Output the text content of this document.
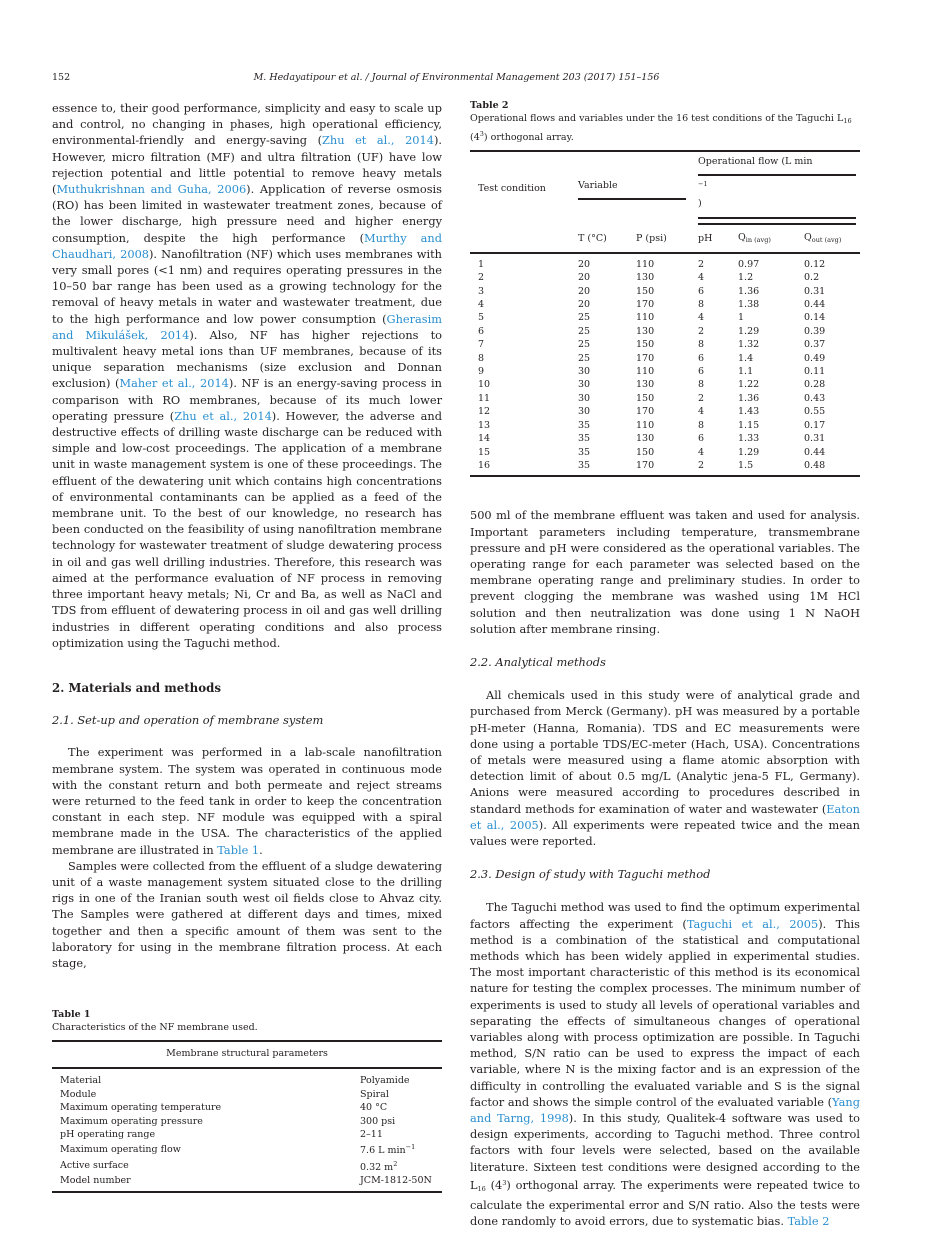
152	M. Hedayatipour et al. / Journal of Environmental Management 203 (2017) 151–156

essence to, their good performance, simplicity and easy to scale up and control, no changing in phases, high operational efficiency, environmental-friendly and energy-saving (Zhu et al., 2014). However, micro filtration (MF) and ultra filtration (UF) have low rejection potential and little potential to remove heavy metals (Muthukrishnan and Guha, 2006). Application of reverse osmosis (RO) has been limited in wastewater treatment zones, because of the lower discharge, high pressure need and higher energy consumption, despite the high performance (Murthy and Chaudhari, 2008). Nanofiltration (NF) which uses membranes with very small pores (<1 nm) and requires operating pressures in the 10–50 bar range has been used as a growing technology for the removal of heavy metals in water and wastewater treatment, due to the high performance and low power consumption (Gherasim and Mikulášek, 2014). Also, NF has higher rejections to multivalent heavy metal ions than UF membranes, because of its unique separation mechanisms (size exclusion and Donnan exclusion) (Maher et al., 2014). NF is an energy-saving process in comparison with RO membranes, because of its much lower operating pressure (Zhu et al., 2014). However, the adverse and destructive effects of drilling waste discharge can be reduced with simple and low-cost proceedings. The application of a membrane unit in waste management system is one of these proceedings. The effluent of the dewatering unit which contains high concentrations of environmental contaminants can be applied as a feed of the membrane unit. To the best of our knowledge, no research has been conducted on the feasibility of using nanofiltration membrane technology for wastewater treatment of sludge dewatering process in oil and gas well drilling industries. Therefore, this research was aimed at the performance evaluation of NF process in removing three important heavy metals; Ni, Cr and Ba, as well as NaCl and TDS from effluent of dewatering process in oil and gas well drilling industries in different operating conditions and also process optimization using the Taguchi method.

2. Materials and methods
2.1. Set-up and operation of membrane system

The experiment was performed in a lab-scale nanofiltration membrane system. The system was operated in continuous mode with the constant return and both permeate and reject streams were returned to the feed tank in order to keep the concentration constant in each step. NF module was equipped with a spiral membrane made in the USA. The characteristics of the applied membrane are illustrated in Table 1.

Samples were collected from the effluent of a sludge dewatering unit of a waste management system situated close to the drilling rigs in one of the Iranian south west oil fields close to Ahvaz city. The Samples were gathered at different days and times, mixed together and then a specific amount of them was sent to the laboratory for using in the membrane filtration process. At each stage,

Table 1
Characteristics of the NF membrane used.
Membrane structural parameters	
Material	Polyamide
Module	Spiral
Maximum operating temperature	40 °C
Maximum operating pressure	300 psi
pH operating range	2–11
Maximum operating flow	7.6 L $\min^{-1}$
Active surface	0.32 $m^2$
Model number	JCM-1812-50N
Table 2
Operational flows and variables under the 16 test conditions of the Taguchi $L_{16}$ $(4^3)$ orthogonal array.
Test condition	Variable		Operational flow (L min
$^{-1}$
)		

	T (°C)	P (psi)	pH	$Q_{in (avg)}$	$Q_{out (avg)}$
1	20	110	2	0.97	0.12
2	20	130	4	1.2	0.2
3	20	150	6	1.36	0.31
4	20	170	8	1.38	0.44
5	25	110	4	1	0.14
6	25	130	2	1.29	0.39
7	25	150	8	1.32	0.37
8	25	170	6	1.4	0.49
9	30	110	6	1.1	0.11
10	30	130	8	1.22	0.28
11	30	150	2	1.36	0.43
12	30	170	4	1.43	0.55
13	35	110	8	1.15	0.17
14	35	130	6	1.33	0.31
15	35	150	4	1.29	0.44
16	35	170	2	1.5	0.48

500 ml of the membrane effluent was taken and used for analysis. Important parameters including temperature, transmembrane pressure and pH were considered as the operational variables. The operating range for each parameter was selected based on the membrane operating range and preliminary studies. In order to prevent clogging the membrane was washed using 1M HCl solution and then neutralization was done using 1 N NaOH solution after membrane rinsing.

2.2. Analytical methods

All chemicals used in this study were of analytical grade and purchased from Merck (Germany). pH was measured by a portable pH-meter (Hanna, Romania). TDS and EC measurements were done using a portable TDS/EC-meter (Hach, USA). Concentrations of metals were measured using a flame atomic absorption with detection limit of about 0.5 mg/L (Analytic jena-5 FL, Germany). Anions were measured according to procedures described in standard methods for examination of water and wastewater (Eaton et al., 2005). All experiments were repeated twice and the mean values were reported.

2.3. Design of study with Taguchi method

The Taguchi method was used to find the optimum experimental factors affecting the experiment (Taguchi et al., 2005). This method is a combination of the statistical and computational methods which has been widely applied in experimental studies. The most important characteristic of this method is its economical nature for testing the complex processes. The minimum number of experiments is used to study all levels of operational variables and separating the effects of simultaneous changes of operational variables along with process optimization are possible. In Taguchi method, S/N ratio can be used to express the impact of each variable, where N is the mixing factor and is an expression of the difficulty in controlling the evaluated variable and S is the signal factor and shows the simple control of the evaluated variable (Yang and Tarng, 1998). In this study, Qualitek-4 software was used to design experiments, according to Taguchi method. Three control factors with four levels were selected, based on the available literature. Sixteen test conditions were designed according to the $L_{16}$ $(4^3)$ orthogonal array. The experiments were repeated twice to calculate the experimental error and S/N ratio. Also the tests were done randomly to avoid errors, due to systematic bias. Table 2
